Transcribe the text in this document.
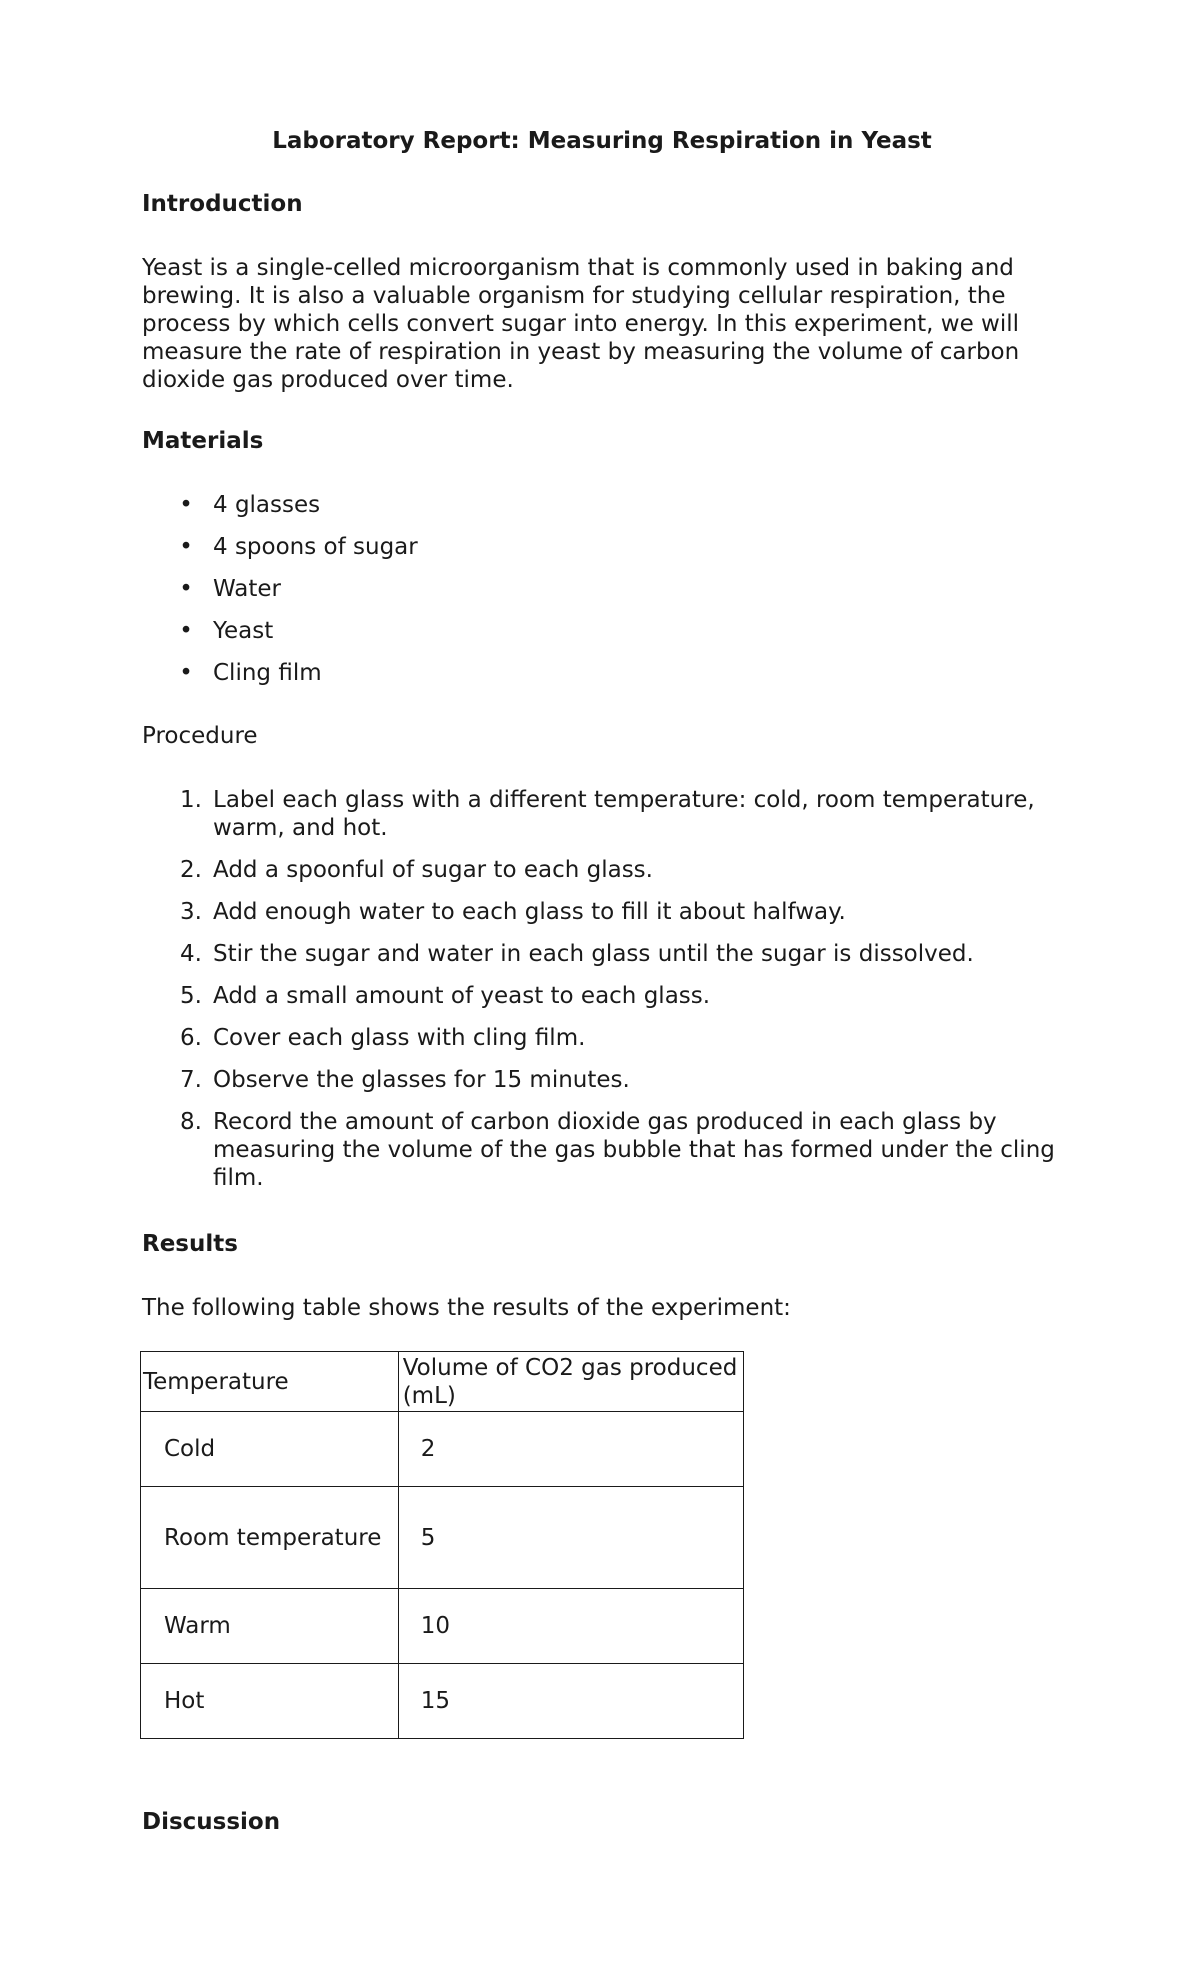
Laboratory Report: Measuring Respiration in Yeast
Introduction

Yeast is a single-celled microorganism that is commonly used in baking and brewing. It is also a valuable organism for studying cellular respiration, the process by which cells convert sugar into energy. In this experiment, we will measure the rate of respiration in yeast by measuring the volume of carbon dioxide gas produced over time.

Materials
• 4 glasses
• 4 spoons of sugar
• Water
• Yeast
• Cling film
Procedure
1. Label each glass with a different temperature: cold, room temperature, warm, and hot.
2. Add a spoonful of sugar to each glass.
3. Add enough water to each glass to fill it about halfway.
4. Stir the sugar and water in each glass until the sugar is dissolved.
5. Add a small amount of yeast to each glass.
6. Cover each glass with cling film.
7. Observe the glasses for 15 minutes.
8. Record the amount of carbon dioxide gas produced in each glass by measuring the volume of the gas bubble that has formed under the cling film.
Results

The following table shows the results of the experiment:

Temperature	Volume of CO2 gas produced (mL)
Cold	2
Room temperature	5
Warm	10
Hot	15
Discussion
